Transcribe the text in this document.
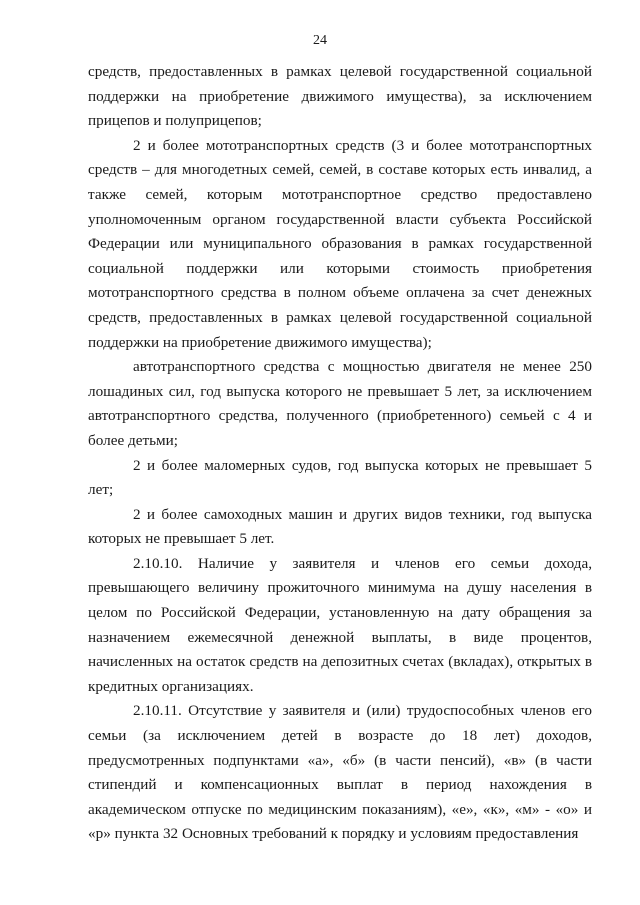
24

средств, предоставленных в рамках целевой государственной социальной поддержки на приобретение движимого имущества), за исключением прицепов и полуприцепов;

2 и более мототранспортных средств (3 и более мототранспортных средств – для многодетных семей, семей, в составе которых есть инвалид, а также семей, которым мототранспортное средство предоставлено уполномоченным органом государственной власти субъекта Российской Федерации или муниципального образования в рамках государственной социальной поддержки или которыми стоимость приобретения мототранспортного средства в полном объеме оплачена за счет денежных средств, предоставленных в рамках целевой государственной социальной поддержки на приобретение движимого имущества);

автотранспортного средства с мощностью двигателя не менее 250 лошадиных сил, год выпуска которого не превышает 5 лет, за исключением автотранспортного средства, полученного (приобретенного) семьей с 4 и более детьми;

2 и более маломерных судов, год выпуска которых не превышает 5 лет;

2 и более самоходных машин и других видов техники, год выпуска которых не превышает 5 лет.

2.10.10. Наличие у заявителя и членов его семьи дохода, превышающего величину прожиточного минимума на душу населения в целом по Российской Федерации, установленную на дату обращения за назначением ежемесячной денежной выплаты, в виде процентов, начисленных на остаток средств на депозитных счетах (вкладах), открытых в кредитных организациях.

2.10.11. Отсутствие у заявителя и (или) трудоспособных членов его семьи (за исключением детей в возрасте до 18 лет) доходов, предусмотренных подпунктами «а», «б» (в части пенсий), «в» (в части стипендий и компенсационных выплат в период нахождения в академическом отпуске по медицинским показаниям), «е», «к», «м» - «о» и «р» пункта 32 Основных требований к порядку и условиям предоставления
